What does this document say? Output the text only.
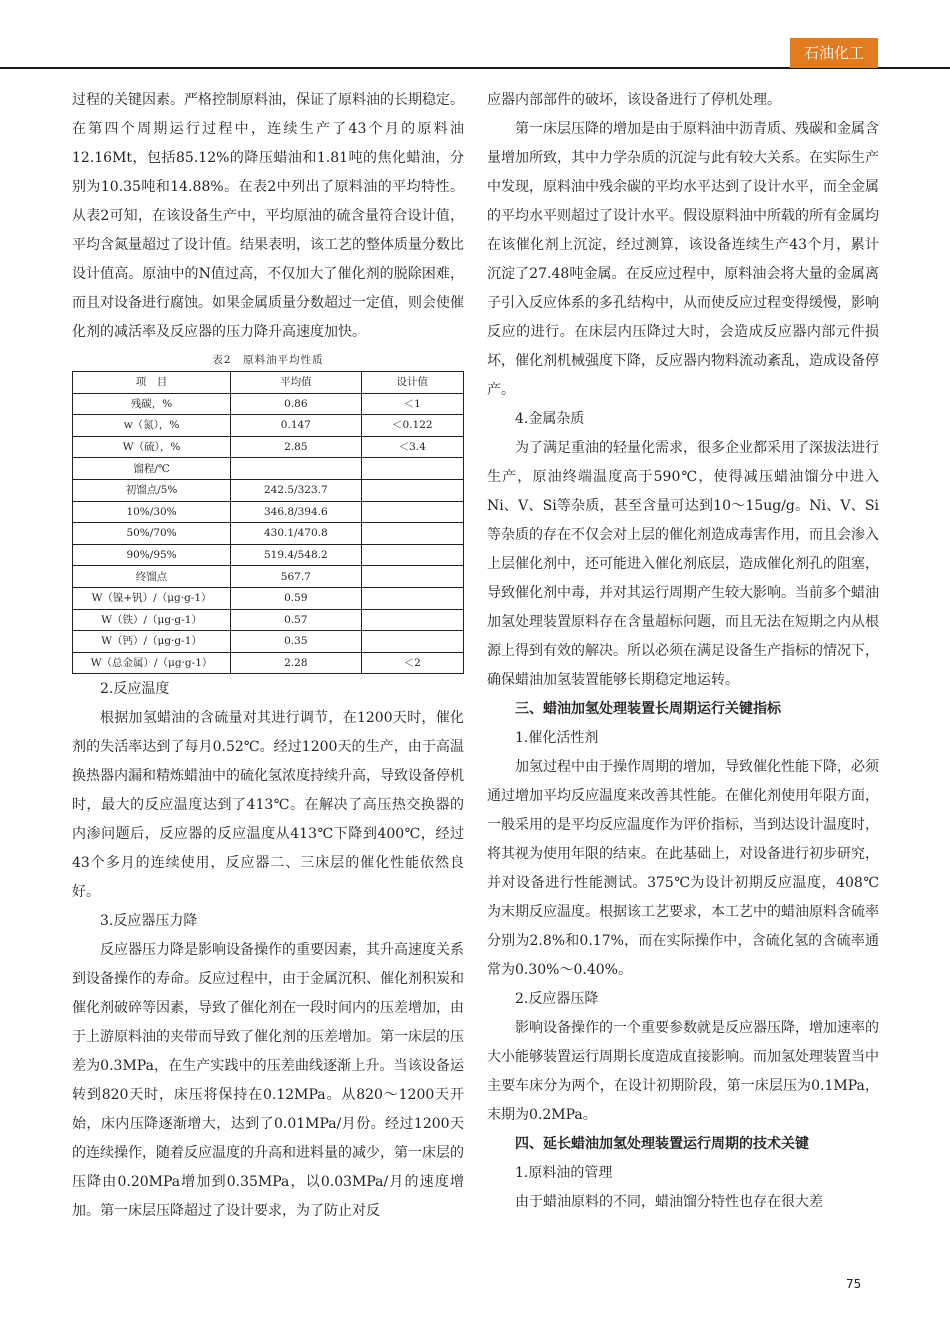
石油化工

过程的关键因素。严格控制原料油，保证了原料油的长期稳定。在第四个周期运行过程中，连续生产了43个月的原料油12.16Mt，包括85.12%的降压蜡油和1.81吨的焦化蜡油，分别为10.35吨和14.88%。在表2中列出了原料油的平均特性。从表2可知，在该设备生产中，平均原油的硫含量符合设计值，平均含氮量超过了设计值。结果表明，该工艺的整体质量分数比设计值高。原油中的N值过高，不仅加大了催化剂的脱除困难，而且对设备进行腐蚀。如果金属质量分数超过一定值，则会使催化剂的减活率及反应器的压力降升高速度加快。

表2　原料油平均性质
项　目	平均值	设计值
残碳，%	0.86	＜1
w（氮），%	0.147	＜0.122
W（硫），%	2.85	＜3.4
馏程/℃		
初馏点/5%	242.5/323.7	
10%/30%	346.8/394.6	
50%/70%	430.1/470.8	
90%/95%	519.4/548.2	
终馏点	567.7	
W（镍+钒）/（μg·g-1）	0.59	
W（铁）/（μg·g-1）	0.57	
W（钙）/（μg·g-1）	0.35	
W（总金属）/（μg·g-1）	2.28	＜2

2.反应温度

根据加氢蜡油的含硫量对其进行调节，在1200天时，催化剂的失活率达到了每月0.52℃。经过1200天的生产，由于高温换热器内漏和精炼蜡油中的硫化氢浓度持续升高，导致设备停机时，最大的反应温度达到了413℃。在解决了高压热交换器的内渗问题后，反应器的反应温度从413℃下降到400℃，经过43个多月的连续使用，反应器二、三床层的催化性能依然良好。

3.反应器压力降

反应器压力降是影响设备操作的重要因素，其升高速度关系到设备操作的寿命。反应过程中，由于金属沉积、催化剂积炭和催化剂破碎等因素，导致了催化剂在一段时间内的压差增加，由于上游原料油的夹带而导致了催化剂的压差增加。第一床层的压差为0.3MPa，在生产实践中的压差曲线逐渐上升。当该设备运转到820天时，床压将保持在0.12MPa。从820～1200天开始，床内压降逐渐增大，达到了0.01MPa/月份。经过1200天的连续操作，随着反应温度的升高和进料量的减少，第一床层的压降由0.20MPa增加到0.35MPa，以0.03MPa/月的速度增加。第一床层压降超过了设计要求，为了防止对反

应器内部部件的破坏，该设备进行了停机处理。

第一床层压降的增加是由于原料油中沥青质、残碳和金属含量增加所致，其中力学杂质的沉淀与此有较大关系。在实际生产中发现，原料油中残余碳的平均水平达到了设计水平，而全金属的平均水平则超过了设计水平。假设原料油中所载的所有金属均在该催化剂上沉淀，经过测算，该设备连续生产43个月，累计沉淀了27.48吨金属。在反应过程中，原料油会将大量的金属离子引入反应体系的多孔结构中，从而使反应过程变得缓慢，影响反应的进行。在床层内压降过大时，会造成反应器内部元件损坏，催化剂机械强度下降，反应器内物料流动紊乱，造成设备停产。

4.金属杂质

为了满足重油的轻量化需求，很多企业都采用了深拔法进行生产，原油终端温度高于590℃，使得减压蜡油馏分中进入Ni、V、Si等杂质，甚至含量可达到10～15ug/g。Ni、V、Si等杂质的存在不仅会对上层的催化剂造成毒害作用，而且会渗入上层催化剂中，还可能进入催化剂底层，造成催化剂孔的阻塞，导致催化剂中毒，并对其运行周期产生较大影响。当前多个蜡油加氢处理装置原料存在含量超标问题，而且无法在短期之内从根源上得到有效的解决。所以必须在满足设备生产指标的情况下，确保蜡油加氢装置能够长期稳定地运转。

三、蜡油加氢处理装置长周期运行关键指标

1.催化活性剂

加氢过程中由于操作周期的增加，导致催化性能下降，必须通过增加平均反应温度来改善其性能。在催化剂使用年限方面，一般采用的是平均反应温度作为评价指标，当到达设计温度时，将其视为使用年限的结束。在此基础上，对设备进行初步研究，并对设备进行性能测试。375℃为设计初期反应温度，408℃为末期反应温度。根据该工艺要求，本工艺中的蜡油原料含硫率分别为2.8%和0.17%，而在实际操作中，含硫化氢的含硫率通常为0.30%～0.40%。

2.反应器压降

影响设备操作的一个重要参数就是反应器压降，增加速率的大小能够装置运行周期长度造成直接影响。而加氢处理装置当中主要车床分为两个，在设计初期阶段，第一床层压为0.1MPa，末期为0.2MPa。

四、延长蜡油加氢处理装置运行周期的技术关键

1.原料油的管理

由于蜡油原料的不同，蜡油馏分特性也存在很大差

75
